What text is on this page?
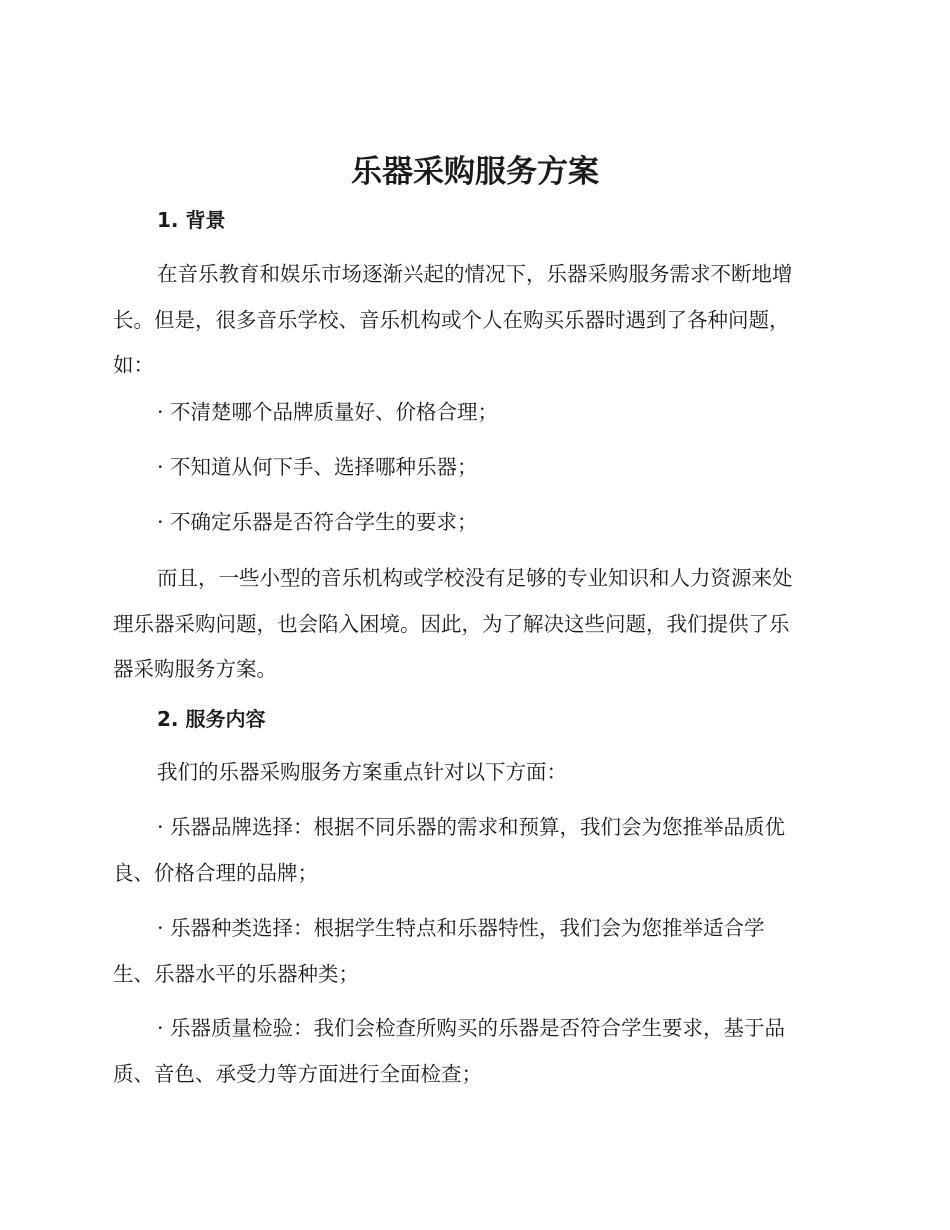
乐器采购服务方案
1. 背景

在音乐教育和娱乐市场逐渐兴起的情况下，乐器采购服务需求不断地增
长。但是，很多音乐学校、音乐机构或个人在购买乐器时遇到了各种问题，
如：

· 不清楚哪个品牌质量好、价格合理；

· 不知道从何下手、选择哪种乐器；

· 不确定乐器是否符合学生的要求；

而且，一些小型的音乐机构或学校没有足够的专业知识和人力资源来处
理乐器采购问题，也会陷入困境。因此，为了解决这些问题，我们提供了乐
器采购服务方案。

2. 服务内容

我们的乐器采购服务方案重点针对以下方面：

· 乐器品牌选择：根据不同乐器的需求和预算，我们会为您推举品质优
良、价格合理的品牌；

· 乐器种类选择：根据学生特点和乐器特性，我们会为您推举适合学
生、乐器水平的乐器种类；

· 乐器质量检验：我们会检查所购买的乐器是否符合学生要求，基于品
质、音色、承受力等方面进行全面检查；
